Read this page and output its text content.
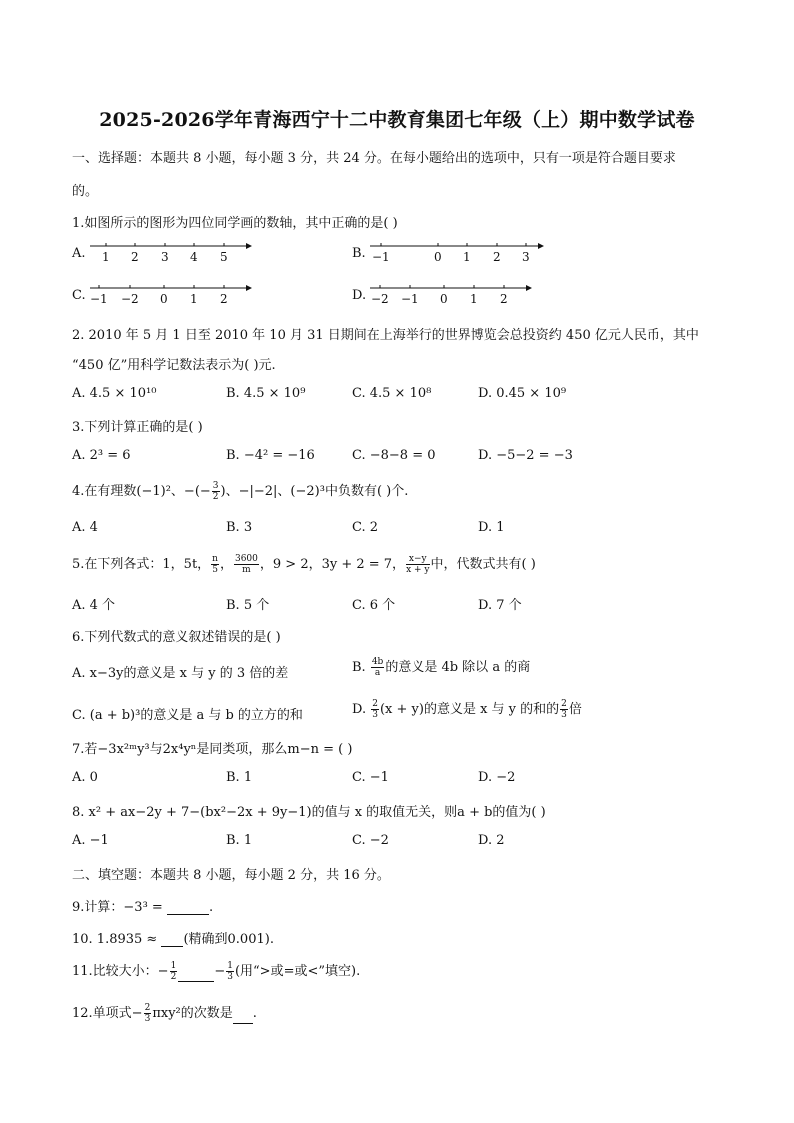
2025-2026学年青海西宁十二中教育集团七年级（上）期中数学试卷
一、选择题：本题共 8 小题，每小题 3 分，共 24 分。在每小题给出的选项中，只有一项是符合题目要求
的。
1.如图所示的图形为四位同学画的数轴，其中正确的是( )
A. 1 2 3 4 5	B. −1	0 1 2 3
C. −1 −2 0 1 2	D. −2 −1 0 1 2
2. 2010 年 5 月 1 日至 2010 年 10 月 31 日期间在上海举行的世界博览会总投资约 450 亿元人民币，其中
“450 亿”用科学记数法表示为( )元.
A. 4.5 × 10¹⁰	B. 4.5 × 10⁹	C. 4.5 × 10⁸	D. 0.45 × 10⁹
3.下列计算正确的是( )
A. 2³ = 6	B. −4² = −16	C. −8−8 = 0	D. −5−2 = −3
4.在有理数(−1)²、−(− $\frac{3}{2}$ )、−|−2|、(−2)³中负数有( )个.
A. 4	B. 3	C. 2	D. 1
5.在下列各式：1，5t， $\frac{n}{5}$ ， $\frac{3600}{m}$ ，9 > 2，3y + 2 = 7， $\frac{x-y}{x + y}$ 中，代数式共有( )
A. 4 个	B. 5 个	C. 6 个	D. 7 个
6.下列代数式的意义叙述错误的是( )
A. x−3y的意义是 x 与 y 的 3 倍的差	B. $\frac{4b}{a}$ 的意义是 4b 除以 a 的商
C. (a + b)³的意义是 a 与 b 的立方的和	D. $\frac{2}{3} (x + y)$的意义是 x 与 y 的和的 $\frac{2}{3}$ 倍
7.若−3x²ᵐy³与2x⁴yⁿ是同类项，那么m−n = ( )
A. 0	B. 1	C. −1	D. −2
8. x² + ax−2y + 7−(bx²−2x + 9y−1)的值与 x 的取值无关，则a + b的值为( )
A. −1	B. 1	C. −2	D. 2
二、填空题：本题共 8 小题，每小题 2 分，共 16 分。
9.计算：−3³ =	.
10. 1.8935 ≈ (精确到0.001).
11.比较大小：− $\frac{1}{2}$	− $\frac{1}{3}$ (用“>或=或<”填空).
12.单项式− $\frac{2}{3} \pi xy^2$的次数是 .
